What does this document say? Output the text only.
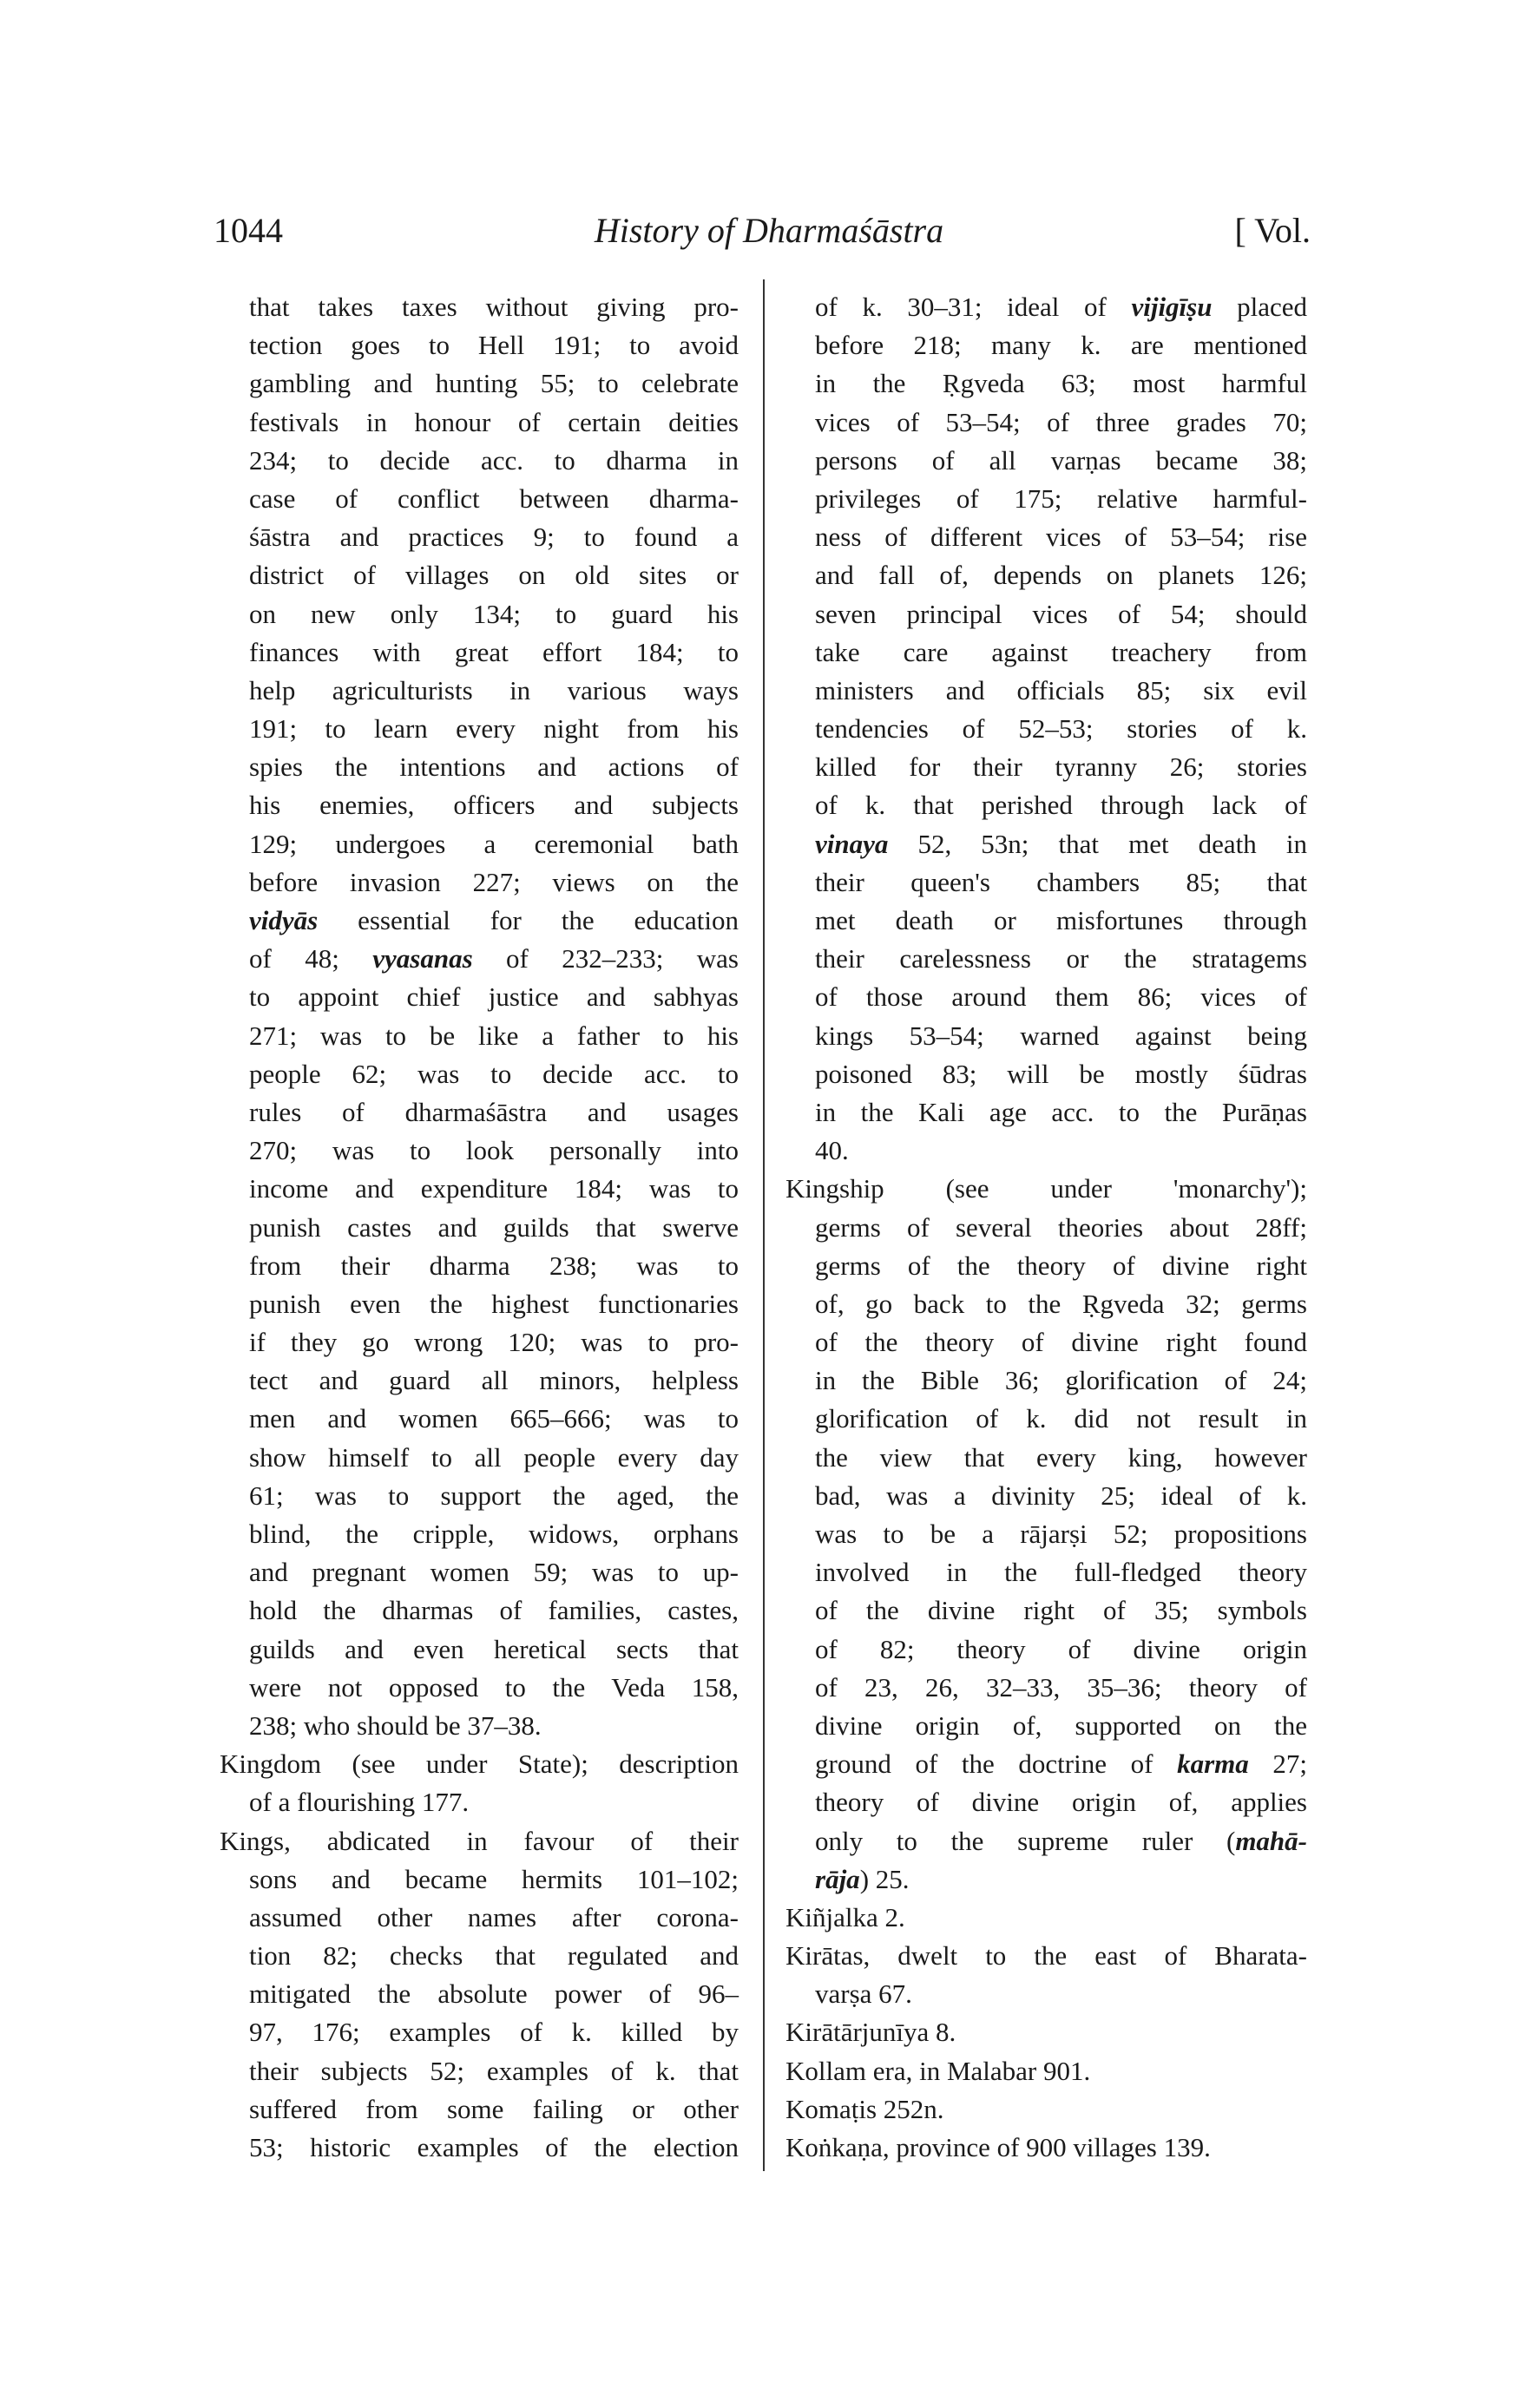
1044	History of Dharmaśāstra	[ Vol.
that takes taxes without giving pro-
tection goes to Hell 191; to avoid
gambling and hunting 55; to celebrate
festivals in honour of certain deities
234; to decide acc. to dharma in
case of conflict between dharma-
śāstra and practices 9; to found a
district of villages on old sites or
on new only 134; to guard his
finances with great effort 184; to
help agriculturists in various ways
191; to learn every night from his
spies the intentions and actions of
his enemies, officers and subjects
129; undergoes a ceremonial bath
before invasion 227; views on the
vidyās essential for the education
of 48; vyasanas of 232–233; was
to appoint chief justice and sabhyas
271; was to be like a father to his
people 62; was to decide acc. to
rules of dharmaśāstra and usages
270; was to look personally into
income and expenditure 184; was to
punish castes and guilds that swerve
from their dharma 238; was to
punish even the highest functionaries
if they go wrong 120; was to pro-
tect and guard all minors, helpless
men and women 665–666; was to
show himself to all people every day
61; was to support the aged, the
blind, the cripple, widows, orphans
and pregnant women 59; was to up-
hold the dharmas of families, castes,
guilds and even heretical sects that
were not opposed to the Veda 158,
238; who should be 37–38.
Kingdom (see under State); description
of a flourishing 177.
Kings, abdicated in favour of their
sons and became hermits 101–102;
assumed other names after corona-
tion 82; checks that regulated and
mitigated the absolute power of 96–
97, 176; examples of k. killed by
their subjects 52; examples of k. that
suffered from some failing or other
53; historic examples of the election
of k. 30–31; ideal of vijigīṣu placed
before 218; many k. are mentioned
in the Ṛgveda 63; most harmful
vices of 53–54; of three grades 70;
persons of all varṇas became 38;
privileges of 175; relative harmful-
ness of different vices of 53–54; rise
and fall of, depends on planets 126;
seven principal vices of 54; should
take care against treachery from
ministers and officials 85; six evil
tendencies of 52–53; stories of k.
killed for their tyranny 26; stories
of k. that perished through lack of
vinaya 52, 53n; that met death in
their queen's chambers 85; that
met death or misfortunes through
their carelessness or the stratagems
of those around them 86; vices of
kings 53–54; warned against being
poisoned 83; will be mostly śūdras
in the Kali age acc. to the Purāṇas
40.
Kingship (see under 'monarchy');
germs of several theories about 28ff;
germs of the theory of divine right
of, go back to the Ṛgveda 32; germs
of the theory of divine right found
in the Bible 36; glorification of 24;
glorification of k. did not result in
the view that every king, however
bad, was a divinity 25; ideal of k.
was to be a rājarṣi 52; propositions
involved in the full-fledged theory
of the divine right of 35; symbols
of 82; theory of divine origin
of 23, 26, 32–33, 35–36; theory of
divine origin of, supported on the
ground of the doctrine of karma 27;
theory of divine origin of, applies
only to the supreme ruler (mahā-
rāja) 25.
Kiñjalka 2.
Kirātas, dwelt to the east of Bharata-
varṣa 67.
Kirātārjunīya 8.
Kollam era, in Malabar 901.
Komaṭis 252n.
Koṅkaṇa, province of 900 villages 139.
